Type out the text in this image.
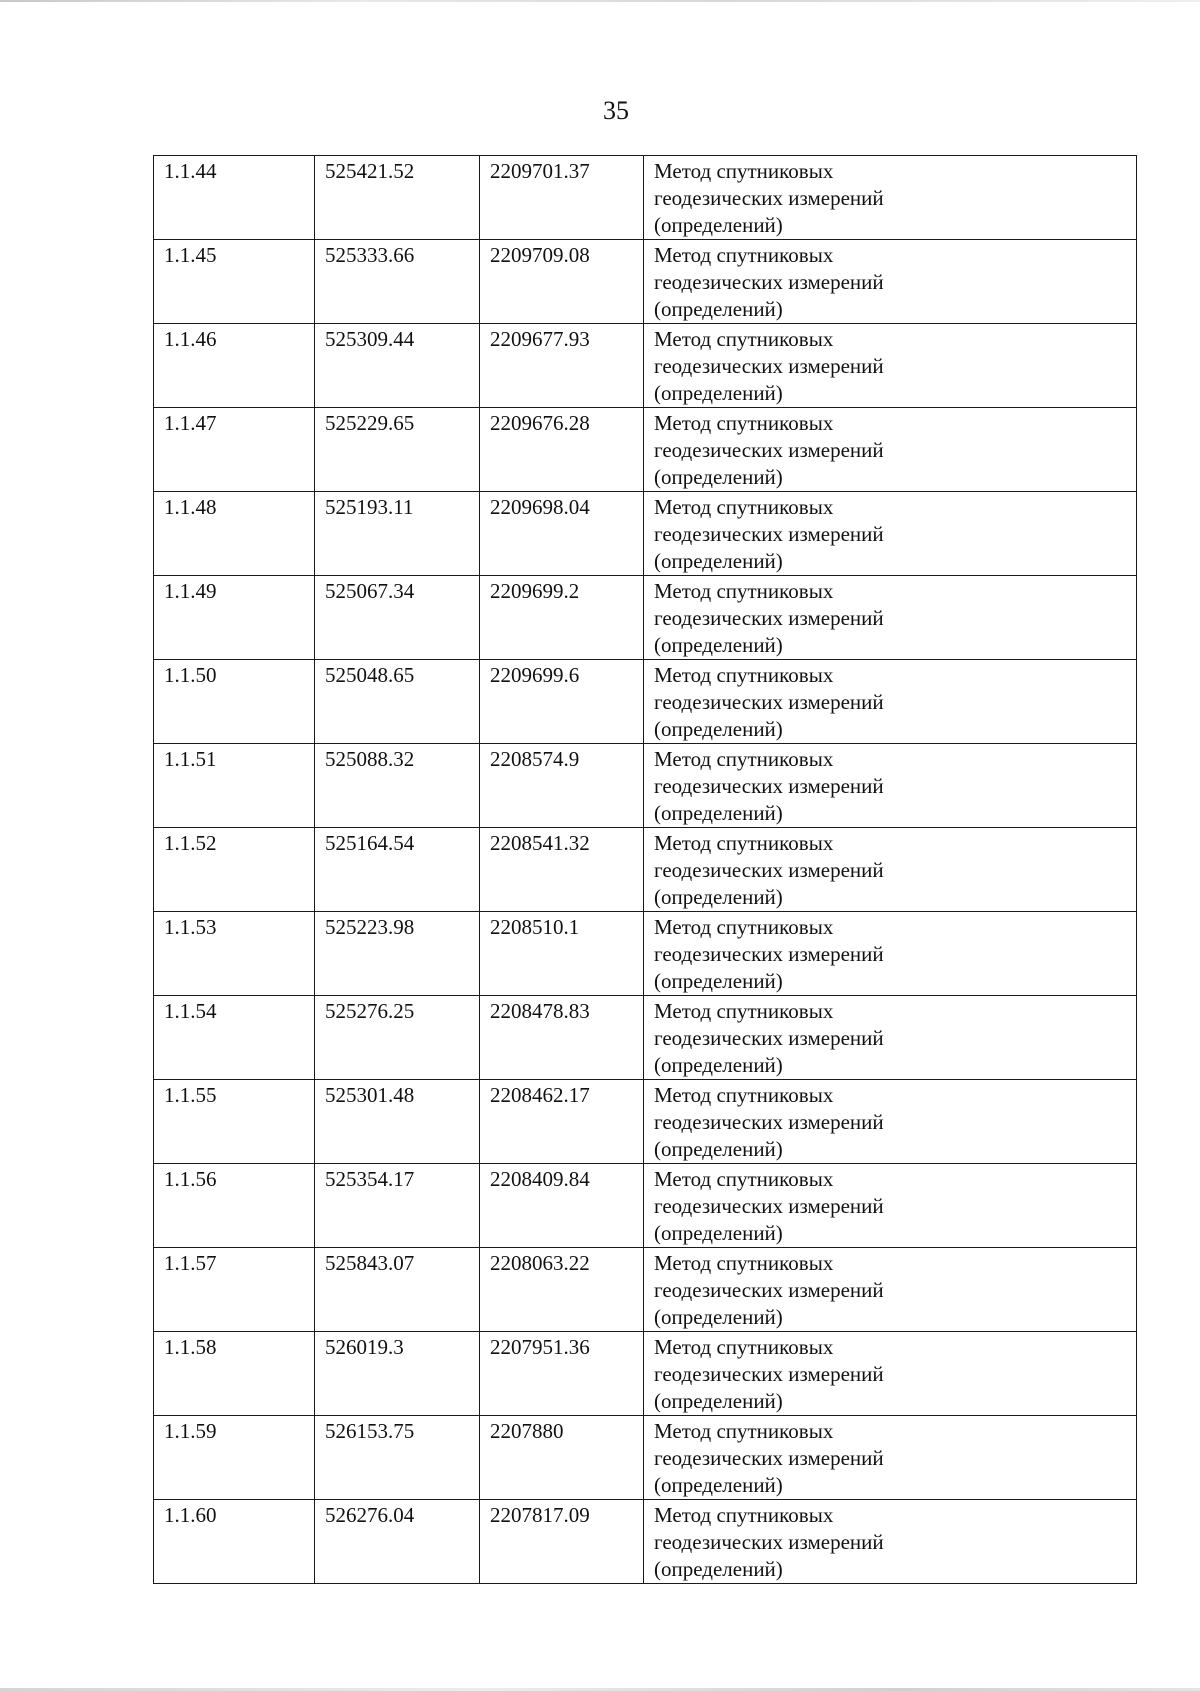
35
1.1.44	525421.52	2209701.37	Метод спутниковых
геодезических измерений
(определений)

1.1.45	525333.66	2209709.08	Метод спутниковых
геодезических измерений
(определений)

1.1.46	525309.44	2209677.93	Метод спутниковых
геодезических измерений
(определений)

1.1.47	525229.65	2209676.28	Метод спутниковых
геодезических измерений
(определений)

1.1.48	525193.11	2209698.04	Метод спутниковых
геодезических измерений
(определений)

1.1.49	525067.34	2209699.2	Метод спутниковых
геодезических измерений
(определений)

1.1.50	525048.65	2209699.6	Метод спутниковых
геодезических измерений
(определений)

1.1.51	525088.32	2208574.9	Метод спутниковых
геодезических измерений
(определений)

1.1.52	525164.54	2208541.32	Метод спутниковых
геодезических измерений
(определений)

1.1.53	525223.98	2208510.1	Метод спутниковых
геодезических измерений
(определений)

1.1.54	525276.25	2208478.83	Метод спутниковых
геодезических измерений
(определений)

1.1.55	525301.48	2208462.17	Метод спутниковых
геодезических измерений
(определений)

1.1.56	525354.17	2208409.84	Метод спутниковых
геодезических измерений
(определений)

1.1.57	525843.07	2208063.22	Метод спутниковых
геодезических измерений
(определений)

1.1.58	526019.3	2207951.36	Метод спутниковых
геодезических измерений
(определений)

1.1.59	526153.75	2207880	Метод спутниковых
геодезических измерений
(определений)

1.1.60	526276.04	2207817.09	Метод спутниковых
геодезических измерений
(определений)
